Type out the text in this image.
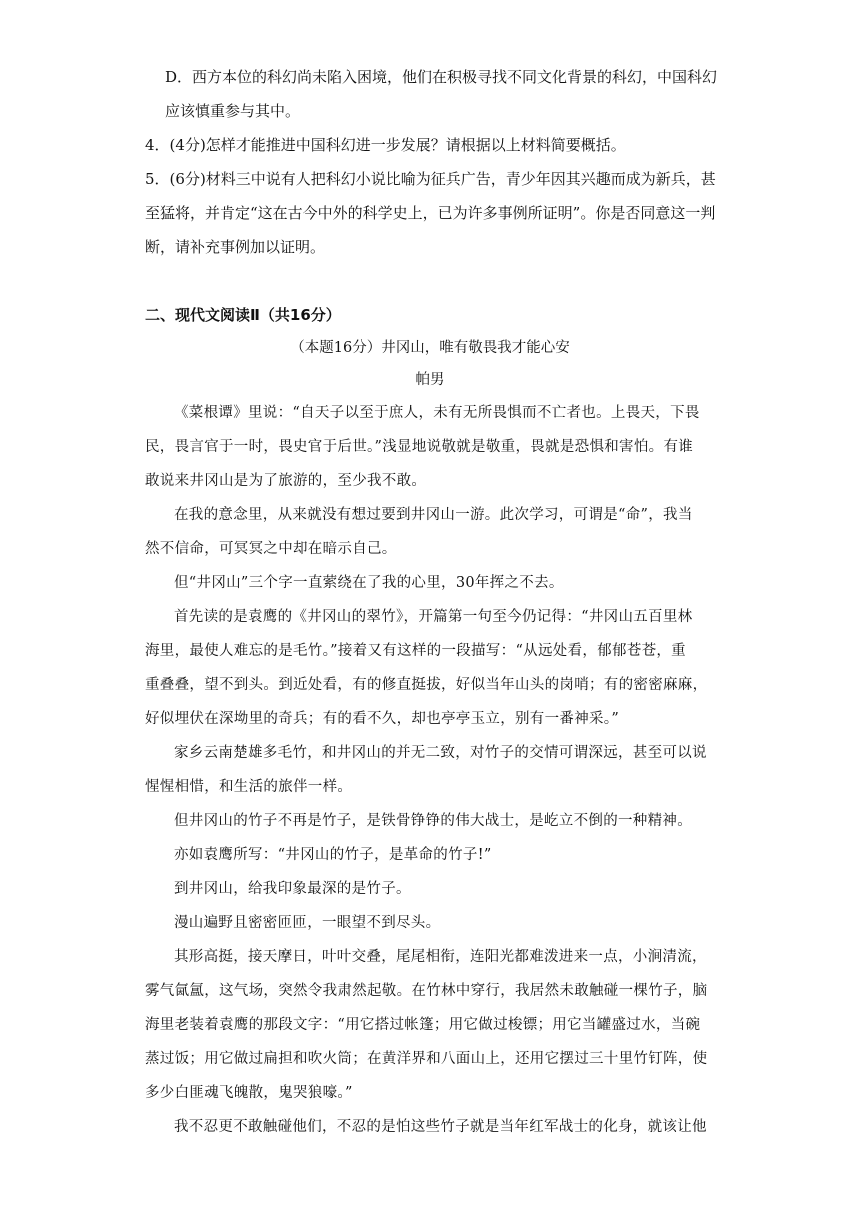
D．西方本位的科幻尚未陷入困境，他们在积极寻找不同文化背景的科幻，中国科幻

应该慎重参与其中。

4．(4分)怎样才能推进中国科幻进一步发展？请根据以上材料简要概括。

5．(6分)材料三中说有人把科幻小说比喻为征兵广告，青少年因其兴趣而成为新兵，甚

至猛将，并肯定“这在古今中外的科学史上，已为许多事例所证明”。你是否同意这一判

断，请补充事例加以证明。

二、现代文阅读Ⅱ（共16分）

（本题16分）井冈山，唯有敬畏我才能心安

帕男

《菜根谭》里说：“自天子以至于庶人，未有无所畏惧而不亡者也。上畏天，下畏

民，畏言官于一时，畏史官于后世。”浅显地说敬就是敬重，畏就是恐惧和害怕。有谁

敢说来井冈山是为了旅游的，至少我不敢。

在我的意念里，从来就没有想过要到井冈山一游。此次学习，可谓是“命”，我当

然不信命，可冥冥之中却在暗示自己。

但“井冈山”三个字一直萦绕在了我的心里，30年挥之不去。

首先读的是袁鹰的《井冈山的翠竹》，开篇第一句至今仍记得：“井冈山五百里林

海里，最使人难忘的是毛竹。”接着又有这样的一段描写：“从远处看，郁郁苍苍，重

重叠叠，望不到头。到近处看，有的修直挺拔，好似当年山头的岗哨；有的密密麻麻，

好似埋伏在深坳里的奇兵；有的看不久，却也亭亭玉立，别有一番神采。”

家乡云南楚雄多毛竹，和井冈山的并无二致，对竹子的交情可谓深远，甚至可以说

惺惺相惜，和生活的旅伴一样。

但井冈山的竹子不再是竹子，是铁骨铮铮的伟大战士，是屹立不倒的一种精神。

亦如袁鹰所写：“井冈山的竹子，是革命的竹子!”

到井冈山，给我印象最深的是竹子。

漫山遍野且密密匝匝，一眼望不到尽头。

其形高挺，接天摩日，叶叶交叠，尾尾相衔，连阳光都难泼进来一点，小涧清流，

雾气氤氲，这气场，突然令我肃然起敬。在竹林中穿行，我居然未敢触碰一棵竹子，脑

海里老装着袁鹰的那段文字：“用它搭过帐篷；用它做过梭镖；用它当罐盛过水，当碗

蒸过饭；用它做过扁担和吹火筒；在黄洋界和八面山上，还用它摆过三十里竹钉阵，使

多少白匪魂飞魄散，鬼哭狼嚎。”

我不忍更不敢触碰他们，不忍的是怕这些竹子就是当年红军战士的化身，就该让他
